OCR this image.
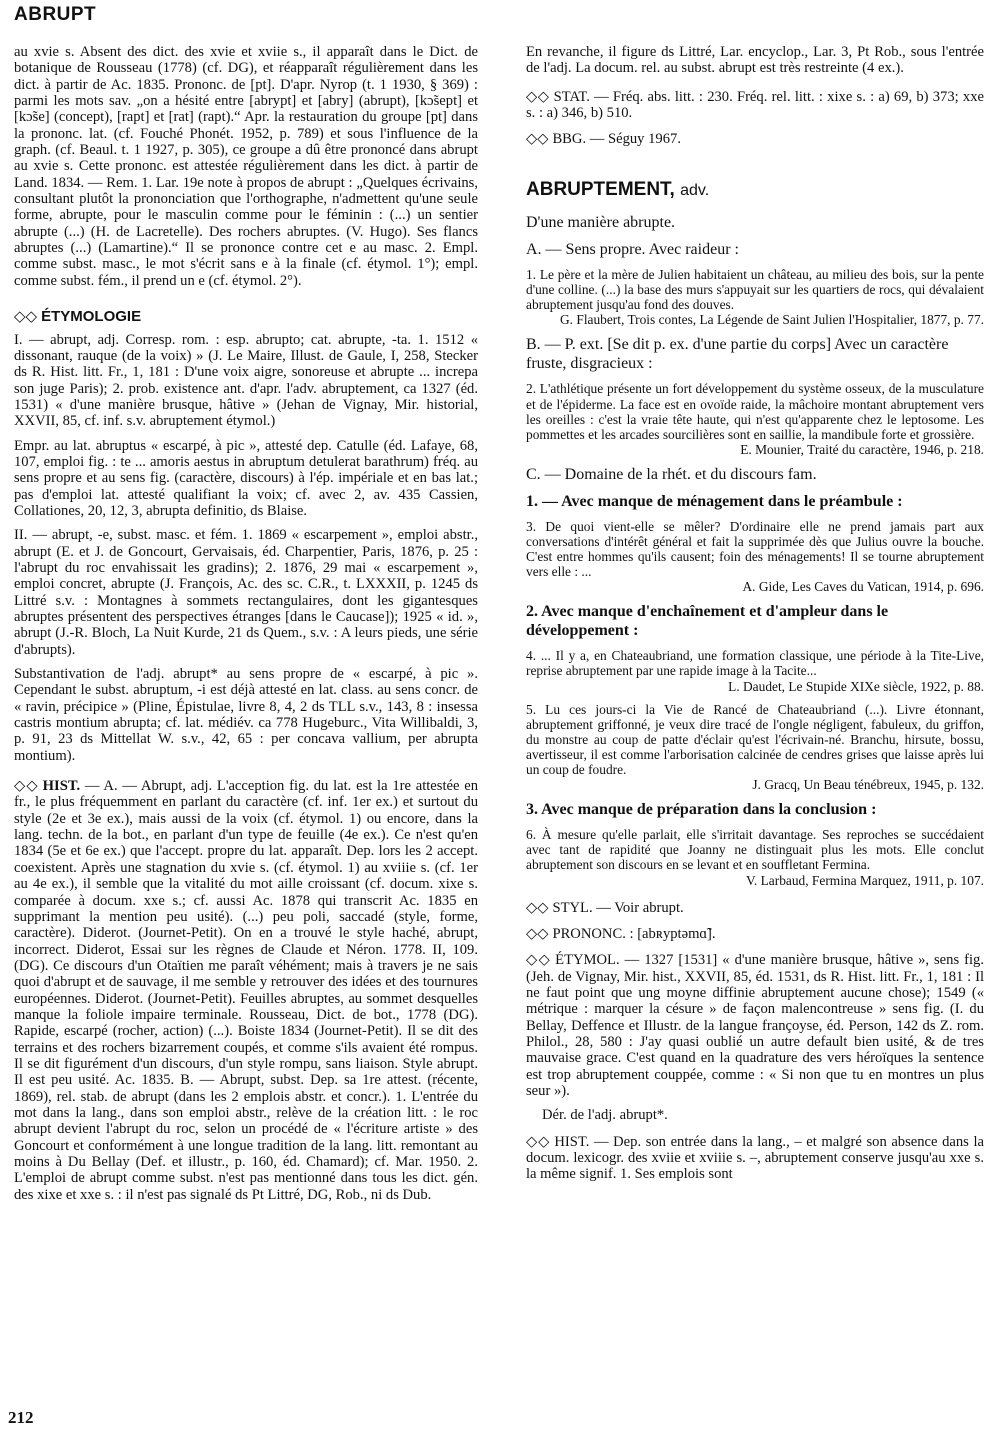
ABRUPT

au xvie s. Absent des dict. des xvie et xviie s., il apparaît dans le Dict. de botanique de Rousseau (1778) (cf. DG), et réapparaît régulièrement dans les dict. à partir de Ac. 1835. Prononc. de [pt]. D'apr. Nyrop (t. 1 1930, § 369) : parmi les mots sav. „on a hésité entre [abrypt] et [abry] (abrupt), [kɔ̃sept] et [kɔ̃se] (concept), [rapt] et [rat] (rapt).“ Apr. la restauration du groupe [pt] dans la prononc. lat. (cf. Fouché Phonét. 1952, p. 789) et sous l'influence de la graph. (cf. Beaul. t. 1 1927, p. 305), ce groupe a dû être prononcé dans abrupt au xvie s. Cette prononc. est attestée régulièrement dans les dict. à partir de Land. 1834. — Rem. 1. Lar. 19e note à propos de abrupt : „Quelques écrivains, consultant plutôt la prononciation que l'orthographe, n'admettent qu'une seule forme, abrupte, pour le masculin comme pour le féminin : (...) un sentier abrupte (...) (H. de Lacretelle). Des rochers abruptes. (V. Hugo). Ses flancs abruptes (...) (Lamartine).“ Il se prononce contre cet e au masc. 2. Empl. comme subst. masc., le mot s'écrit sans e à la finale (cf. étymol. 1°); empl. comme subst. fém., il prend un e (cf. étymol. 2°).

◇◇ ÉTYMOLOGIE

I. — abrupt, adj. Corresp. rom. : esp. abrupto; cat. abrupte, -ta. 1. 1512 « dissonant, rauque (de la voix) » (J. Le Maire, Illust. de Gaule, I, 258, Stecker ds R. Hist. litt. Fr., 1, 181 : D'une voix aigre, sonoreuse et abrupte ... increpa son juge Paris); 2. prob. existence ant. d'apr. l'adv. abruptement, ca 1327 (éd. 1531) « d'une manière brusque, hâtive » (Jehan de Vignay, Mir. historial, XXVII, 85, cf. inf. s.v. abruptement étymol.)

Empr. au lat. abruptus « escarpé, à pic », attesté dep. Catulle (éd. Lafaye, 68, 107, emploi fig. : te ... amoris aestus in abruptum detulerat barathrum) fréq. au sens propre et au sens fig. (caractère, discours) à l'ép. impériale et en bas lat.; pas d'emploi lat. attesté qualifiant la voix; cf. avec 2, av. 435 Cassien, Collationes, 20, 12, 3, abrupta definitio, ds Blaise.

II. — abrupt, -e, subst. masc. et fém. 1. 1869 « escarpement », emploi abstr., abrupt (E. et J. de Goncourt, Gervaisais, éd. Charpentier, Paris, 1876, p. 25 : l'abrupt du roc envahissait les gradins); 2. 1876, 29 mai « escarpement », emploi concret, abrupte (J. François, Ac. des sc. C.R., t. LXXXII, p. 1245 ds Littré s.v. : Montagnes à sommets rectangulaires, dont les gigantesques abruptes présentent des perspectives étranges [dans le Caucase]); 1925 « id. », abrupt (J.-R. Bloch, La Nuit Kurde, 21 ds Quem., s.v. : A leurs pieds, une série d'abrupts).

Substantivation de l'adj. abrupt* au sens propre de « escarpé, à pic ». Cependant le subst. abruptum, -i est déjà attesté en lat. class. au sens concr. de « ravin, précipice » (Pline, Épistulae, livre 8, 4, 2 ds TLL s.v., 143, 8 : insessa castris montium abrupta; cf. lat. médiév. ca 778 Hugeburc., Vita Willibaldi, 3, p. 91, 23 ds Mittellat W. s.v., 42, 65 : per concava vallium, per abrupta montium).

◇◇ HIST. — A. — Abrupt, adj. L'acception fig. du lat. est la 1re attestée en fr., le plus fréquemment en parlant du caractère (cf. inf. 1er ex.) et surtout du style (2e et 3e ex.), mais aussi de la voix (cf. étymol. 1) ou encore, dans la lang. techn. de la bot., en parlant d'un type de feuille (4e ex.). Ce n'est qu'en 1834 (5e et 6e ex.) que l'accept. propre du lat. apparaît. Dep. lors les 2 accept. coexistent. Après une stagnation du xvie s. (cf. étymol. 1) au xviiie s. (cf. 1er au 4e ex.), il semble que la vitalité du mot aille croissant (cf. docum. xixe s. comparée à docum. xxe s.; cf. aussi Ac. 1878 qui transcrit Ac. 1835 en supprimant la mention peu usité). (...) peu poli, saccadé (style, forme, caractère). Diderot. (Journet-Petit). On en a trouvé le style haché, abrupt, incorrect. Diderot, Essai sur les règnes de Claude et Néron. 1778. II, 109. (DG). Ce discours d'un Otaïtien me paraît véhément; mais à travers je ne sais quoi d'abrupt et de sauvage, il me semble y retrouver des idées et des tournures européennes. Diderot. (Journet-Petit). Feuilles abruptes, au sommet desquelles manque la foliole impaire terminale. Rousseau, Dict. de bot., 1778 (DG). Rapide, escarpé (rocher, action) (...). Boiste 1834 (Journet-Petit). Il se dit des terrains et des rochers bizarrement coupés, et comme s'ils avaient été rompus. Il se dit figurément d'un discours, d'un style rompu, sans liaison. Style abrupt. Il est peu usité. Ac. 1835. B. — Abrupt, subst. Dep. sa 1re attest. (récente, 1869), rel. stab. de abrupt (dans les 2 emplois abstr. et concr.). 1. L'entrée du mot dans la lang., dans son emploi abstr., relève de la création litt. : le roc abrupt devient l'abrupt du roc, selon un procédé de « l'écriture artiste » des Goncourt et conformément à une longue tradition de la lang. litt. remontant au moins à Du Bellay (Def. et illustr., p. 160, éd. Chamard); cf. Mar. 1950. 2. L'emploi de abrupt comme subst. n'est pas mentionné dans tous les dict. gén. des xixe et xxe s. : il n'est pas signalé ds Pt Littré, DG, Rob., ni ds Dub.

En revanche, il figure ds Littré, Lar. encyclop., Lar. 3, Pt Rob., sous l'entrée de l'adj. La docum. rel. au subst. abrupt est très restreinte (4 ex.).

◇◇ STAT. — Fréq. abs. litt. : 230. Fréq. rel. litt. : xixe s. : a) 69, b) 373; xxe s. : a) 346, b) 510.

◇◇ BBG. — Séguy 1967.

ABRUPTEMENT, adv.

D'une manière abrupte.

A. — Sens propre. Avec raideur :

1. Le père et la mère de Julien habitaient un château, au milieu des bois, sur la pente d'une colline. (...) la base des murs s'appuyait sur les quartiers de rocs, qui dévalaient abruptement jusqu'au fond des douves.
G. Flaubert, Trois contes, La Légende de Saint Julien l'Hospitalier, 1877, p. 77.

B. — P. ext. [Se dit p. ex. d'une partie du corps] Avec un caractère fruste, disgracieux :

2. L'athlétique présente un fort développement du système osseux, de la musculature et de l'épiderme. La face est en ovoïde raide, la mâchoire montant abruptement vers les oreilles : c'est la vraie tête haute, qui n'est qu'apparente chez le leptosome. Les pommettes et les arcades sourcilières sont en saillie, la mandibule forte et grossière.
E. Mounier, Traité du caractère, 1946, p. 218.

C. — Domaine de la rhét. et du discours fam.

1. — Avec manque de ménagement dans le préambule :

3. De quoi vient-elle se mêler? D'ordinaire elle ne prend jamais part aux conversations d'intérêt général et fait la supprimée dès que Julius ouvre la bouche. C'est entre hommes qu'ils causent; foin des ménagements! Il se tourne abruptement vers elle : ...
A. Gide, Les Caves du Vatican, 1914, p. 696.

2. Avec manque d'enchaînement et d'ampleur dans le développement :

4. ... Il y a, en Chateaubriand, une formation classique, une période à la Tite-Live, reprise abruptement par une rapide image à la Tacite...
L. Daudet, Le Stupide XIXe siècle, 1922, p. 88.

5. Lu ces jours-ci la Vie de Rancé de Chateaubriand (...). Livre étonnant, abruptement griffonné, je veux dire tracé de l'ongle négligent, fabuleux, du griffon, du monstre au coup de patte d'éclair qu'est l'écrivain-né. Branchu, hirsute, bossu, avertisseur, il est comme l'arborisation calcinée de cendres grises que laisse après lui un coup de foudre.
J. Gracq, Un Beau ténébreux, 1945, p. 132.

3. Avec manque de préparation dans la conclusion :

6. À mesure qu'elle parlait, elle s'irritait davantage. Ses reproches se succédaient avec tant de rapidité que Joanny ne distinguait plus les mots. Elle conclut abruptement son discours en se levant et en souffletant Fermina.
V. Larbaud, Fermina Marquez, 1911, p. 107.

◇◇ STYL. — Voir abrupt.

◇◇ PRONONC. : [abʀyptəmɑ̃].

◇◇ ÉTYMOL. — 1327 [1531] « d'une manière brusque, hâtive », sens fig. (Jeh. de Vignay, Mir. hist., XXVII, 85, éd. 1531, ds R. Hist. litt. Fr., 1, 181 : Il ne faut point que ung moyne diffinie abruptement aucune chose); 1549 (« métrique : marquer la césure » de façon malencontreuse » sens fig. (I. du Bellay, Deffence et Illustr. de la langue françoyse, éd. Person, 142 ds Z. rom. Philol., 28, 580 : J'ay quasi oublié un autre default bien usité, & de tres mauvaise grace. C'est quand en la quadrature des vers héroïques la sentence est trop abruptement couppée, comme : « Si non que tu en montres un plus seur »).

Dér. de l'adj. abrupt*.

◇◇ HIST. — Dep. son entrée dans la lang., – et malgré son absence dans la docum. lexicogr. des xviie et xviiie s. –, abruptement conserve jusqu'au xxe s. la même signif. 1. Ses emplois sont

212
